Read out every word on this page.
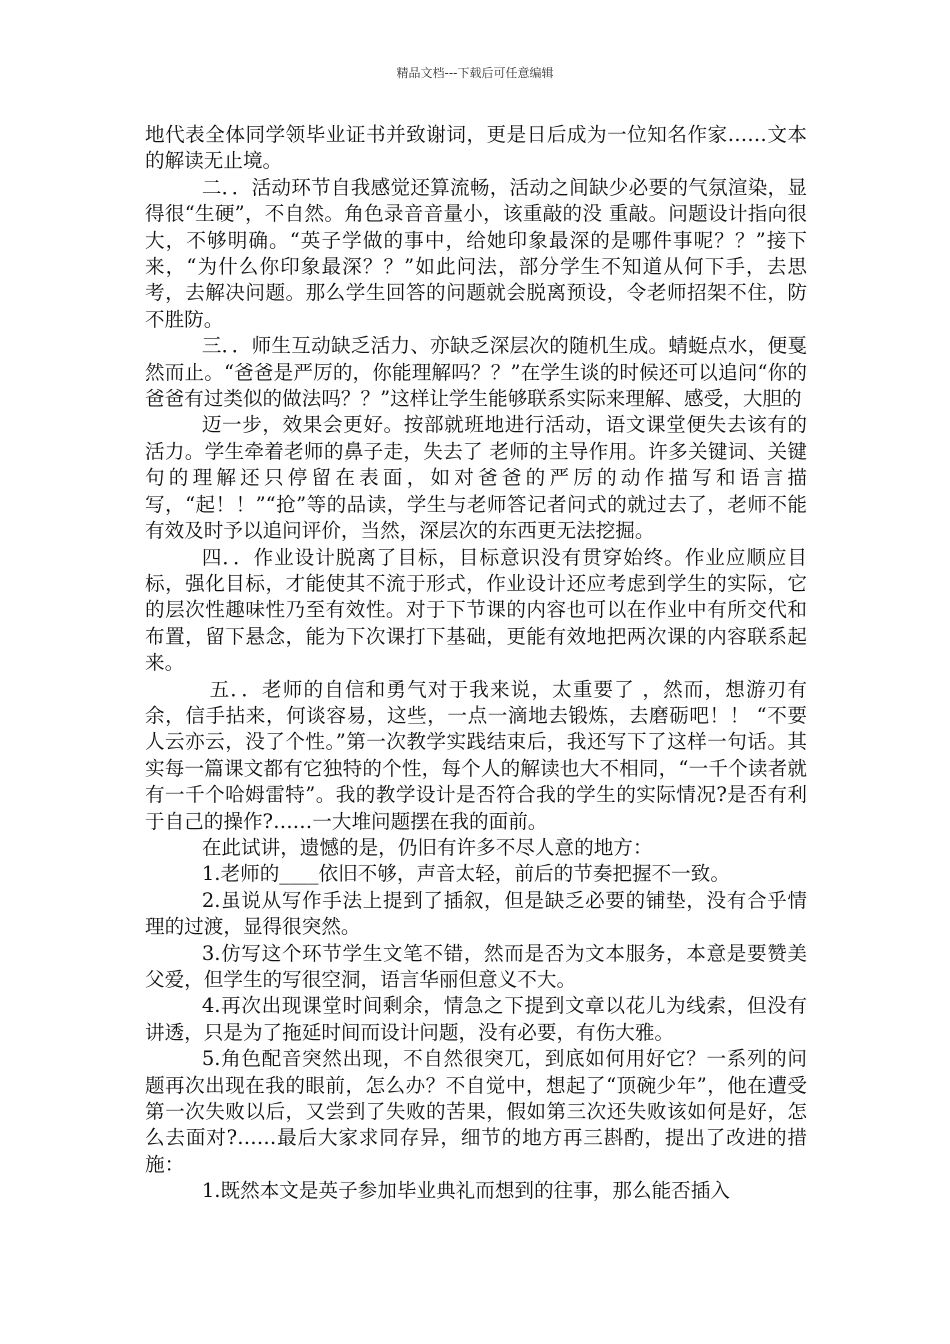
精品文档---下载后可任意编辑

地代表全体同学领毕业证书并致谢词，更是日后成为一位知名作家……文本的解读无止境。

二．．活动环节自我感觉还算流畅，活动之间缺少必要的气氛渲染，显得很“生硬”，不自然。角色录音音量小，该重敲的没 重敲。问题设计指向很大，不够明确。“英子学做的事中，给她印象最深的是哪件事呢？？”接下来，“为什么你印象最深？？”如此问法，部分学生不知道从何下手，去思考，去解决问题。那么学生回答的问题就会脱离预设，令老师招架不住，防不胜防。

三．．师生互动缺乏活力、亦缺乏深层次的随机生成。蜻蜓点水，便戛然而止。“爸爸是严厉的，你能理解吗？？”在学生谈的时候还可以追问“你的爸爸有过类似的做法吗？？”这样让学生能够联系实际来理解、感受，大胆的

迈一步，效果会更好。按部就班地进行活动，语文课堂便失去该有的活力。学生牵着老师的鼻子走，失去了 老师的主导作用。许多关键词、关键句的理解还只停留在表面，如对爸爸的严厉的动作描写和语言描写，“起！！”“抢”等的品读，学生与老师答记者问式的就过去了，老师不能有效及时予以追问评价，当然，深层次的东西更无法挖掘。

四．．作业设计脱离了目标，目标意识没有贯穿始终。作业应顺应目标，强化目标，才能使其不流于形式，作业设计还应考虑到学生的实际，它的层次性趣味性乃至有效性。对于下节课的内容也可以在作业中有所交代和布置，留下悬念，能为下次课打下基础，更能有效地把两次课的内容联系起来。

五．．老师的自信和勇气对于我来说，太重要了 ，然而，想游刃有余，信手拈来，何谈容易，这些，一点一滴地去锻炼，去磨砺吧！！ “不要人云亦云，没了个性。”第一次教学实践结束后，我还写下了这样一句话。其实每一篇课文都有它独特的个性，每个人的解读也大不相同，“一千个读者就有一千个哈姆雷特”。我的教学设计是否符合我的学生的实际情况?是否有利于自己的操作?……一大堆问题摆在我的面前。

在此试讲，遗憾的是，仍旧有许多不尽人意的地方：

1.老师的____依旧不够，声音太轻，前后的节奏把握不一致。

2.虽说从写作手法上提到了插叙，但是缺乏必要的铺垫，没有合乎情理的过渡，显得很突然。

3.仿写这个环节学生文笔不错，然而是否为文本服务，本意是要赞美父爱，但学生的写很空洞，语言华丽但意义不大。

4.再次出现课堂时间剩余，情急之下提到文章以花儿为线索，但没有讲透，只是为了拖延时间而设计问题，没有必要，有伤大雅。

5.角色配音突然出现，不自然很突兀，到底如何用好它？一系列的问题再次出现在我的眼前，怎么办？不自觉中，想起了“顶碗少年”，他在遭受第一次失败以后，又尝到了失败的苦果，假如第三次还失败该如何是好，怎么去面对?……最后大家求同存异，细节的地方再三斟酌，提出了改进的措施：

1.既然本文是英子参加毕业典礼而想到的往事，那么能否插入
